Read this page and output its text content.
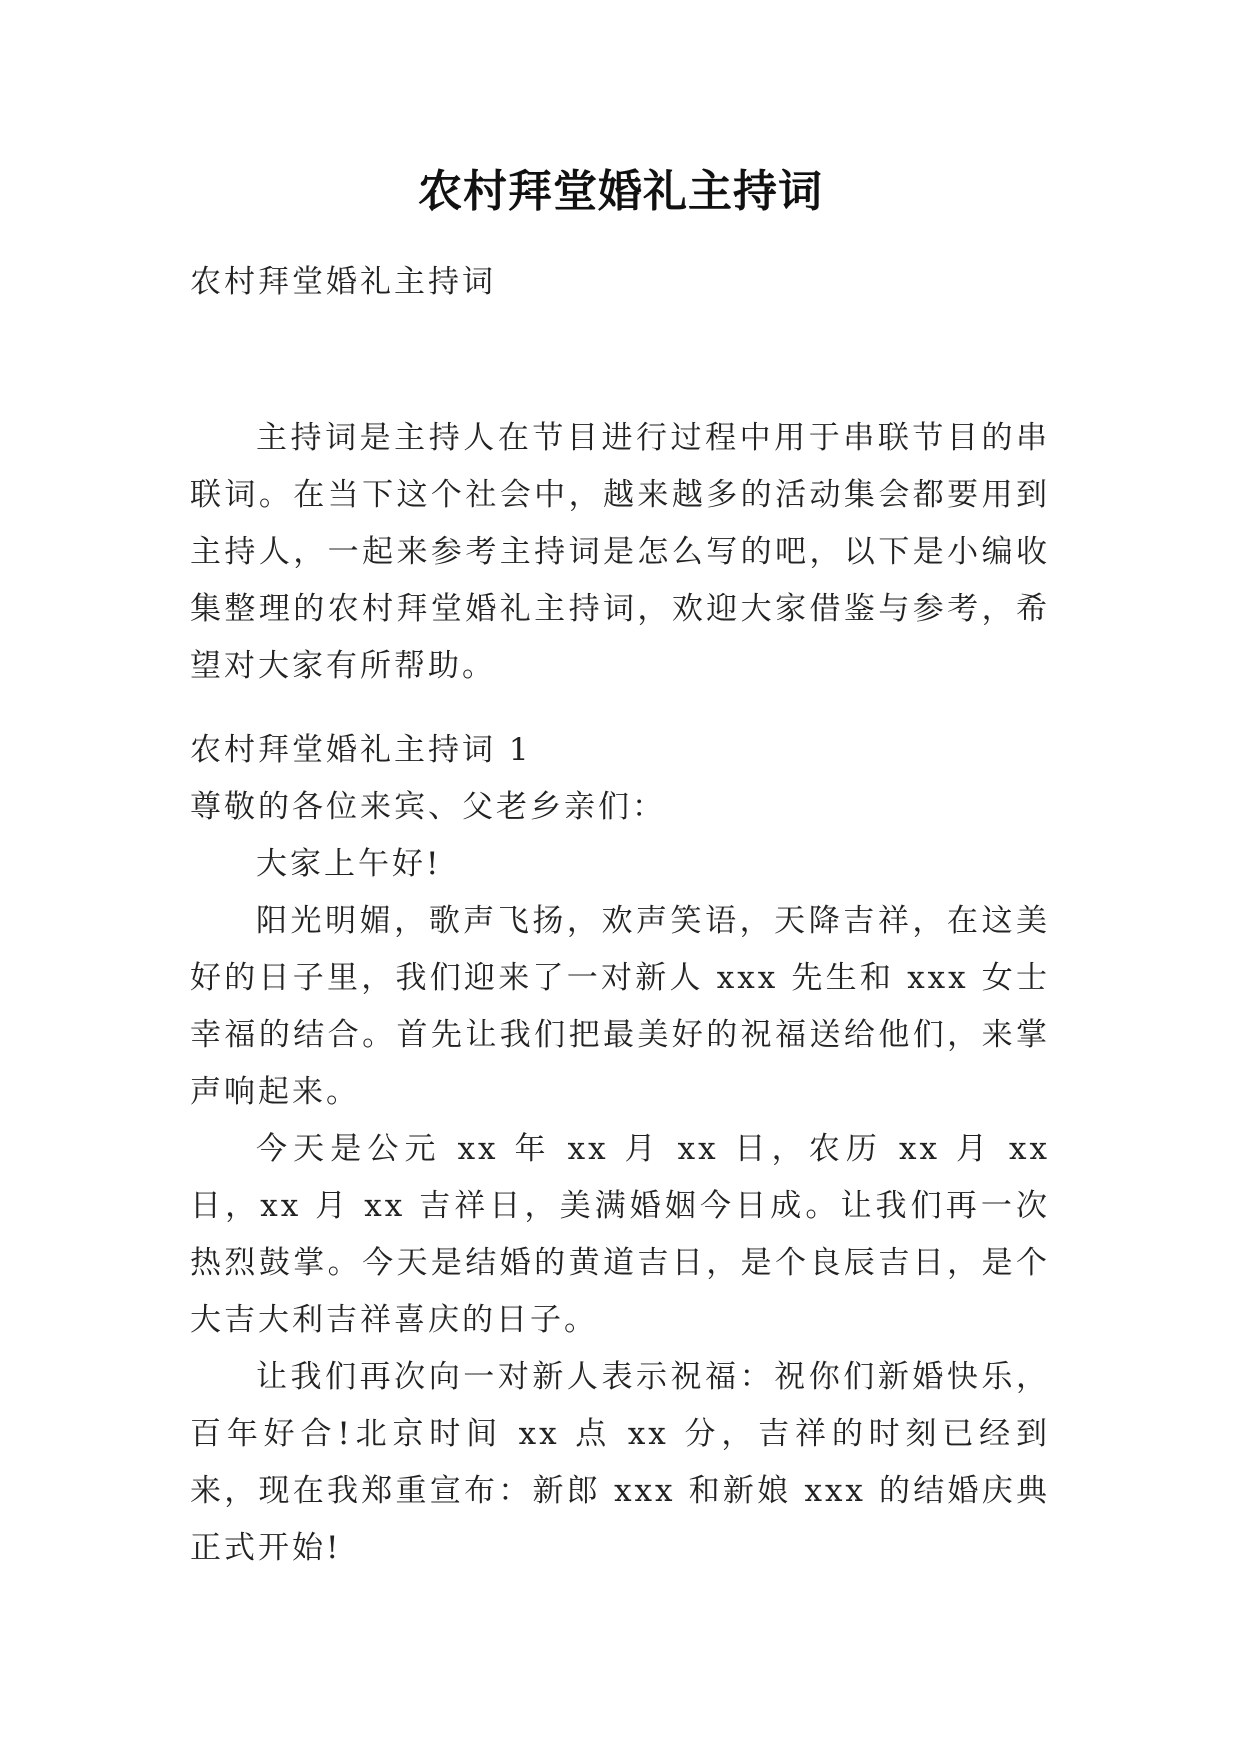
农村拜堂婚礼主持词

农村拜堂婚礼主持词

主持词是主持人在节目进行过程中用于串联节目的串联词。在当下这个社会中，越来越多的活动集会都要用到主持人，一起来参考主持词是怎么写的吧，以下是小编收集整理的农村拜堂婚礼主持词，欢迎大家借鉴与参考，希望对大家有所帮助。

农村拜堂婚礼主持词 1

尊敬的各位来宾、父老乡亲们：

大家上午好!

阳光明媚，歌声飞扬，欢声笑语，天降吉祥，在这美好的日子里，我们迎来了一对新人 xxx 先生和 xxx 女士幸福的结合。首先让我们把最美好的祝福送给他们，来掌声响起来。

今天是公元 xx 年 xx 月 xx 日，农历 xx 月 xx 日，xx 月 xx 吉祥日，美满婚姻今日成。让我们再一次热烈鼓掌。今天是结婚的黄道吉日，是个良辰吉日，是个大吉大利吉祥喜庆的日子。

让我们再次向一对新人表示祝福：祝你们新婚快乐，百年好合!北京时间 xx 点 xx 分，吉祥的时刻已经到来，现在我郑重宣布：新郎 xxx 和新娘 xxx 的结婚庆典正式开始!
